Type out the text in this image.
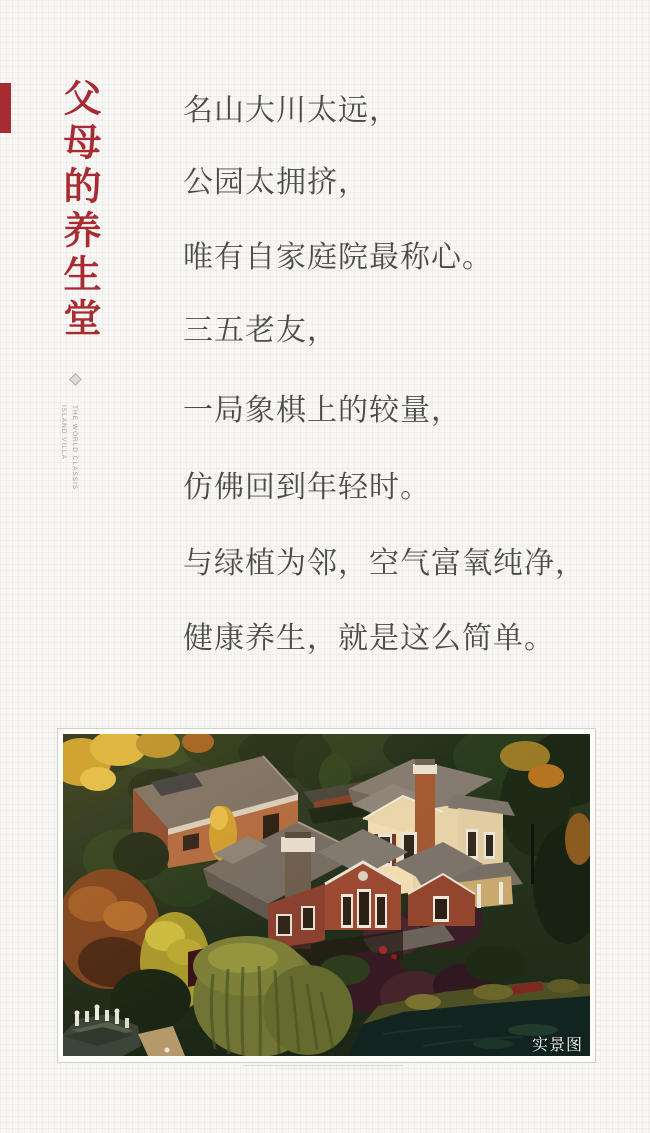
父母的养生堂
THE WORLD CLASSIS
ISLAND VILLA
名山大川太远，
公园太拥挤，
唯有自家庭院最称心。
三五老友，
一局象棋上的较量，
仿佛回到年轻时。
与绿植为邻，空气富氧纯净，
健康养生，就是这么简单。
实景图
